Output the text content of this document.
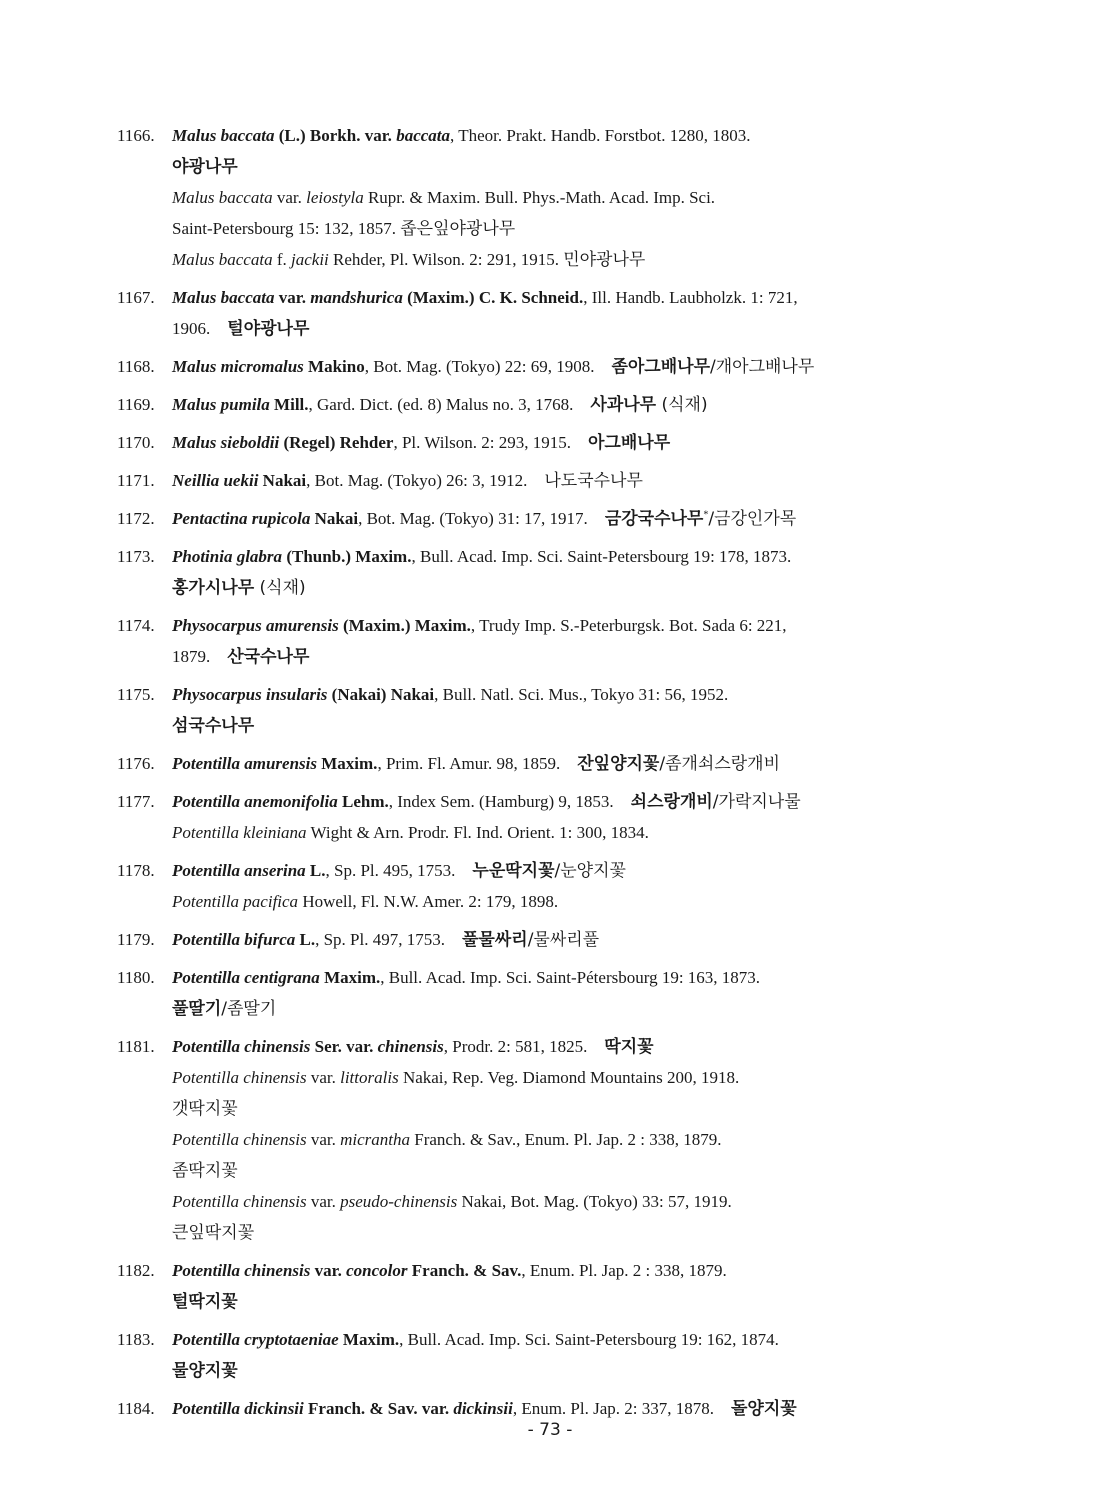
1166.	Malus baccata (L.) Borkh. var. baccata, Theor. Prakt. Handb. Forstbot. 1280, 1803.
야광나무
Malus baccata var. leiostyla Rupr. & Maxim. Bull. Phys.-Math. Acad. Imp. Sci.
Saint-Petersbourg 15: 132, 1857. 좁은잎야광나무
Malus baccata f. jackii Rehder, Pl. Wilson. 2: 291, 1915. 민야광나무
1167.	Malus baccata var. mandshurica (Maxim.) C. K. Schneid., Ill. Handb. Laubholzk. 1: 721,
1906.    털야광나무
1168.	Malus micromalus Makino, Bot. Mag. (Tokyo) 22: 69, 1908.    좀아그배나무/개아그배나무
1169.	Malus pumila Mill., Gard. Dict. (ed. 8) Malus no. 3, 1768.    사과나무 (식재)
1170.	Malus sieboldii (Regel) Rehder, Pl. Wilson. 2: 293, 1915.    아그배나무
1171.	Neillia uekii Nakai, Bot. Mag. (Tokyo) 26: 3, 1912.    나도국수나무
1172.	Pentactina rupicola Nakai, Bot. Mag. (Tokyo) 31: 17, 1917.    금강국수나무*/금강인가목
1173.	Photinia glabra (Thunb.) Maxim., Bull. Acad. Imp. Sci. Saint-Petersbourg 19: 178, 1873.
홍가시나무 (식재)
1174.	Physocarpus amurensis (Maxim.) Maxim., Trudy Imp. S.-Peterburgsk. Bot. Sada 6: 221,
1879.    산국수나무
1175.	Physocarpus insularis (Nakai) Nakai, Bull. Natl. Sci. Mus., Tokyo 31: 56, 1952.
섬국수나무
1176.	Potentilla amurensis Maxim., Prim. Fl. Amur. 98, 1859.    잔잎양지꽃/좀개쇠스랑개비
1177.	Potentilla anemonifolia Lehm., Index Sem. (Hamburg) 9, 1853.    쇠스랑개비/가락지나물
Potentilla kleiniana Wight & Arn. Prodr. Fl. Ind. Orient. 1: 300, 1834.
1178.	Potentilla anserina L., Sp. Pl. 495, 1753.    누운딱지꽃/눈양지꽃
Potentilla pacifica Howell, Fl. N.W. Amer. 2: 179, 1898.
1179.	Potentilla bifurca L., Sp. Pl. 497, 1753.    풀물싸리/물싸리풀
1180.	Potentilla centigrana Maxim., Bull. Acad. Imp. Sci. Saint-Pétersbourg 19: 163, 1873.
풀딸기/좀딸기
1181.	Potentilla chinensis Ser. var. chinensis, Prodr. 2: 581, 1825.    딱지꽃
Potentilla chinensis var. littoralis Nakai, Rep. Veg. Diamond Mountains 200, 1918.
갯딱지꽃
Potentilla chinensis var. micrantha Franch. & Sav., Enum. Pl. Jap. 2 : 338, 1879.
좀딱지꽃
Potentilla chinensis var. pseudo-chinensis Nakai, Bot. Mag. (Tokyo) 33: 57, 1919.
큰잎딱지꽃
1182.	Potentilla chinensis var. concolor Franch. & Sav., Enum. Pl. Jap. 2 : 338, 1879.
털딱지꽃
1183.	Potentilla cryptotaeniae Maxim., Bull. Acad. Imp. Sci. Saint-Petersbourg 19: 162, 1874.
물양지꽃
1184.	Potentilla dickinsii Franch. & Sav. var. dickinsii, Enum. Pl. Jap. 2: 337, 1878.    돌양지꽃
- 73 -
